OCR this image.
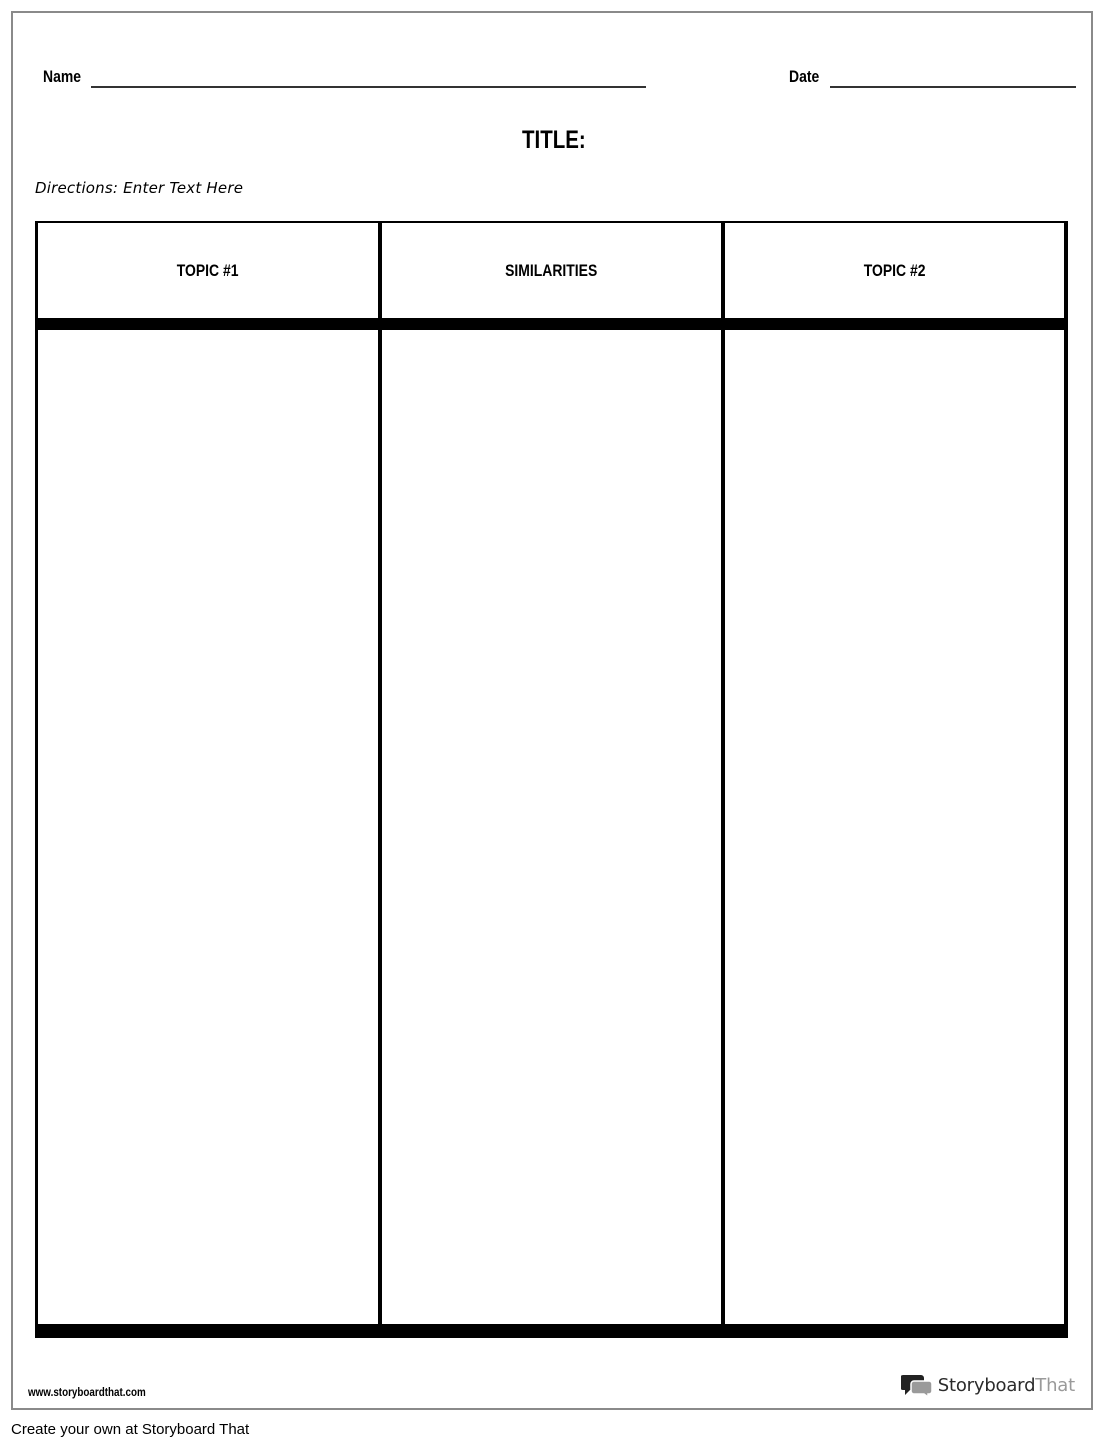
Name	Date
TITLE:
Directions: Enter Text Here
TOPIC #1	SIMILARITIES	TOPIC #2
www.storyboardthat.com	StoryboardThat
Create your own at Storyboard That
